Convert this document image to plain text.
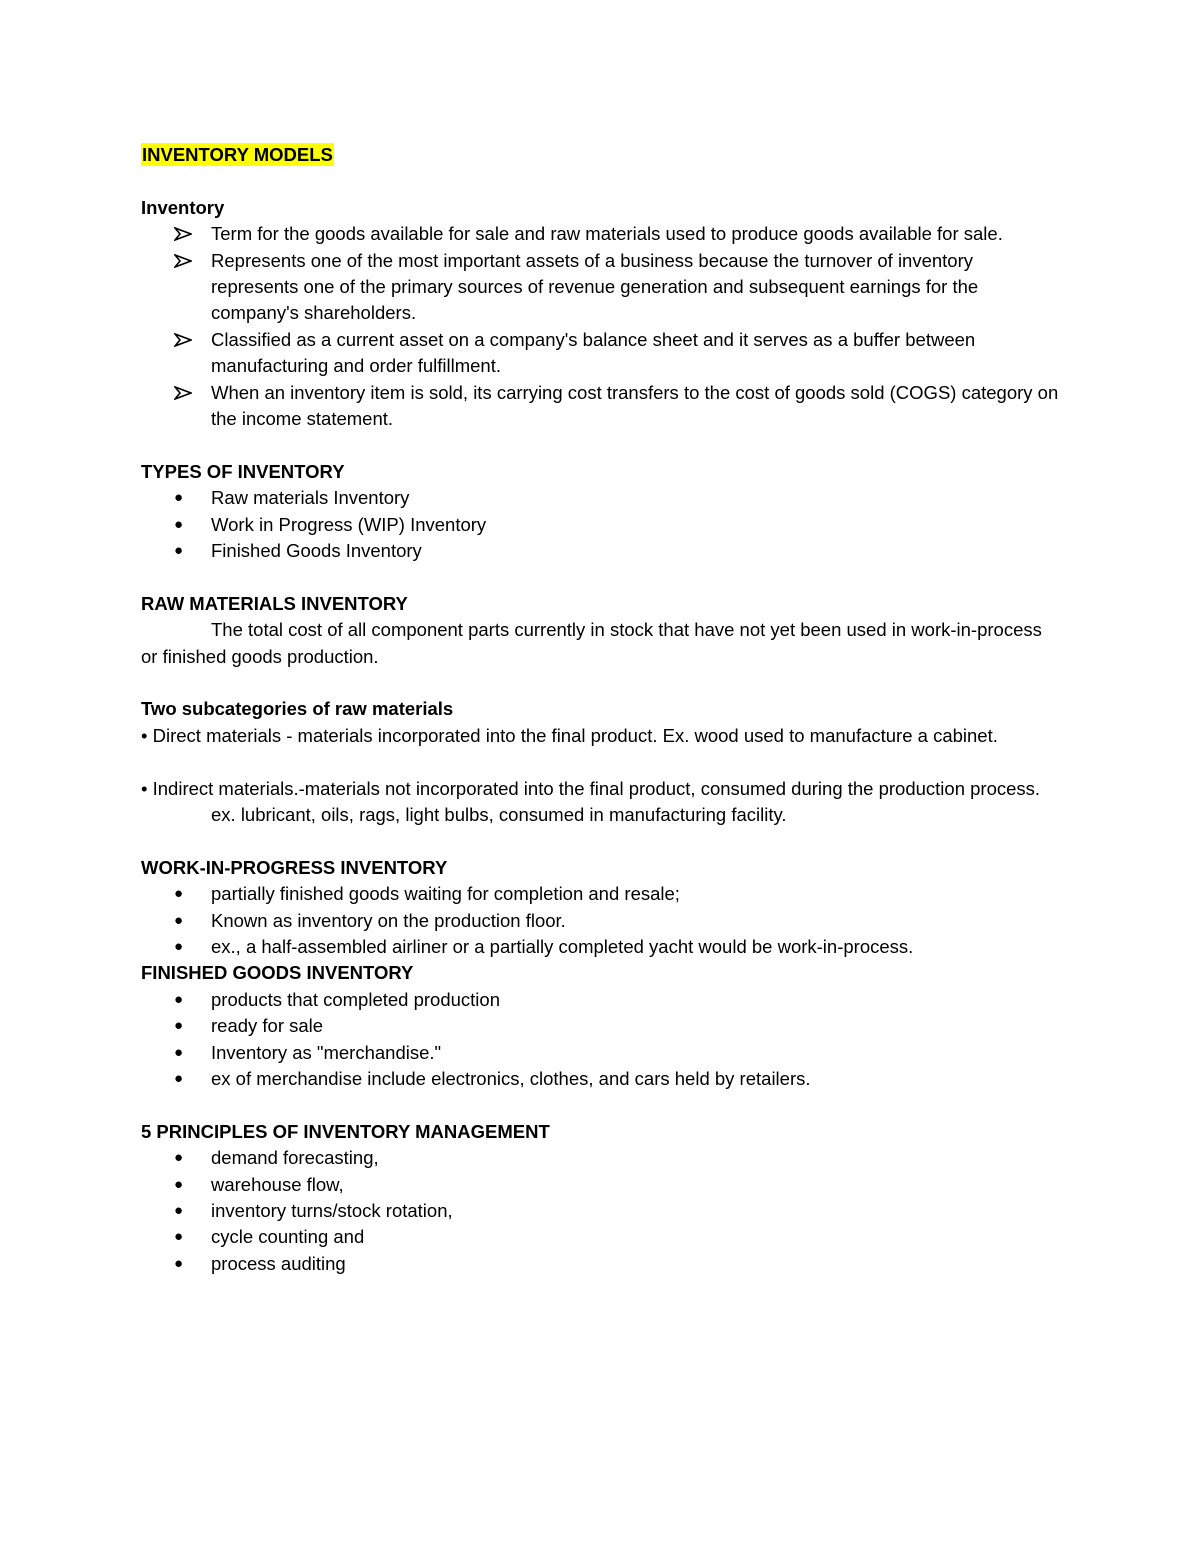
INVENTORY MODELS
Inventory
Term for the goods available for sale and raw materials used to produce goods available for sale.
Represents one of the most important assets of a business because the turnover of inventory represents one of the primary sources of revenue generation and subsequent earnings for the company's shareholders.
Classified as a current asset on a company's balance sheet and it serves as a buffer between manufacturing and order fulfillment.
When an inventory item is sold, its carrying cost transfers to the cost of goods sold (COGS) category on the income statement.
TYPES OF INVENTORY
●	Raw materials Inventory
●	Work in Progress (WIP) Inventory
●	Finished Goods Inventory
RAW MATERIALS INVENTORY

The total cost of all component parts currently in stock that have not yet been used in work-in-process or finished goods production.

Two subcategories of raw materials

• Direct materials - materials incorporated into the final product. Ex. wood used to manufacture a cabinet.

• Indirect materials.-materials not incorporated into the final product, consumed during the production process.

ex. lubricant, oils, rags, light bulbs, consumed in manufacturing facility.

WORK-IN-PROGRESS INVENTORY
●	partially finished goods waiting for completion and resale;
●	Known as inventory on the production floor.
●	ex., a half-assembled airliner or a partially completed yacht would be work-in-process.
FINISHED GOODS INVENTORY
●	products that completed production
●	ready for sale
●	Inventory as "merchandise."
●	ex of merchandise include electronics, clothes, and cars held by retailers.
5 PRINCIPLES OF INVENTORY MANAGEMENT
●	demand forecasting,
●	warehouse flow,
●	inventory turns/stock rotation,
●	cycle counting and
●	process auditing
